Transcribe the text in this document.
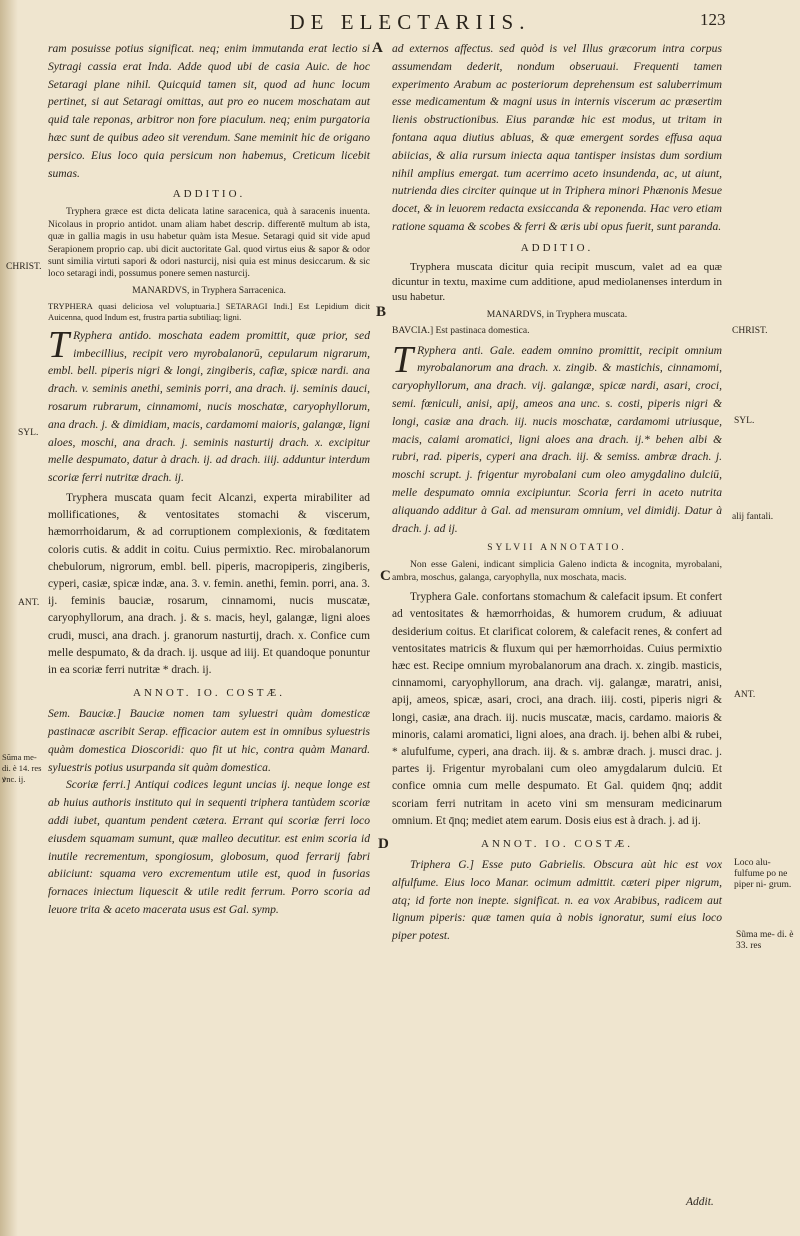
DE ELECTARIIS.	123

ram posuisse potius significat. neq; enim immutanda erat lectio si Sytragi cassia erat Inda. Adde quod ubi de casia Auic. de hoc Setaragi plane nihil. Quicquid tamen sit, quod ad hunc locum pertinet, si aut Setaragi omittas, aut pro eo nucem moschatam aut quid tale reponas, arbitror non fore piaculum. neq; enim purgatoria hæc sunt de quibus adeo sit verendum. Sane meminit hic de origano persico. Eius loco quia persicum non habemus, Creticum licebit sumas.

ADDITIO.

Tryphera græce est dicta delicata latine saracenica, quà à saracenis inuenta. Nicolaus in proprio antidot. unam aliam habet descrip. differentē multum ab ista, quæ in gallia magis in usu habetur quàm ista Mesue. Setaragi quid sit vide apud Serapionem proprio cap. ubi dicit auctoritate Gal. quod virtus eius & sapor & odor sunt similia virtuti sapori & odori nasturcij, nisi quia est minus desiccarum. & sic loco setaragi indi, possumus ponere semen nasturcij.

MANARDVS, in Tryphera Sarracenica.

TRYPHERA quasi deliciosa vel voluptuaria.] SETARAGI Indi.] Est Lepidium dicit Auicenna, quod Indum est, frustra partia subtiliaq; ligni.

T Ryphera antido. moschata eadem promittit, quæ prior, sed imbecillius, recipit vero myrobalanorū, cepularum nigrarum, embl. bell. piperis nigri & longi, zingiberis, cafiæ, spicæ nardi. ana drach. v. seminis anethi, seminis porri, ana drach. ij. seminis dauci, rosarum rubrarum, cinnamomi, nucis moschatæ, caryophyllorum, ana drach. j. & dimidiam, macis, cardamomi maioris, galangæ, ligni aloes, moschi, ana drach. j. seminis nasturtij drach. x. excipitur melle despumato, datur à drach. ij. ad drach. iiij. adduntur interdum scoriæ ferri nutritæ drach. ij.

Tryphera muscata quam fecit Alcanzi, experta mirabiliter ad mollificationes, & ventositates stomachi & viscerum, hæmorrhoidarum, & ad corruptionem complexionis, & fœditatem coloris cutis. & addit in coitu. Cuius permixtio. Rec. mirobalanorum chebulorum, nigrorum, embl. bell. piperis, macropiperis, zingiberis, cyperi, casiæ, spicæ indæ, ana. 3. v. femin. anethi, femin. porri, ana. 3. ij. feminis bauciæ, rosarum, cinnamomi, nucis muscatæ, caryophyllorum, ana drach. j. & s. macis, heyl, galangæ, ligni aloes crudi, musci, ana drach. j. granorum nasturtij, drach. x. Confice cum melle despumato, & da drach. ij. usque ad iiij. Et quandoque ponuntur in ea scoriæ ferri nutritæ * drach. ij.

ANNOT. IO. COSTÆ.

Sem. Bauciæ.] Bauciæ nomen tam syluestri quàm domesticæ pastinacæ ascribit Serap. efficacior autem est in omnibus syluestris quàm domestica Dioscoridi: quo fit ut hic, contra quàm Manard. syluestris potius usurpanda sit quàm domestica.

Scoriæ ferri.] Antiqui codices legunt uncias ij. neque longe est ab huius authoris instituto qui in sequenti triphera tantùdem scoriæ addi iubet, quantum pendent cætera. Errant qui scoriæ ferri loco eiusdem squamam sumunt, quæ malleo decutitur. est enim scoria id inutile recrementum, spongiosum, globosum, quod ferrarij fabri abiiciunt: squama vero excrementum utile est, quod in fusorias fornaces iniectum liquescit & utile redit ferrum. Porro scoria ad leuore trita & aceto macerata usus est Gal. symp.

ad externos affectus. sed quòd is vel Illus græcorum intra corpus assumendam dederit, nondum obseruaui. Frequenti tamen experimento Arabum ac posteriorum deprehensum est saluberrimum esse medicamentum & magni usus in internis viscerum ac præsertim lienis obstructionibus. Eius parandæ hic est modus, ut tritam in fontana aqua diutius abluas, & quæ emergent sordes effusa aqua abiicias, & alia rursum iniecta aqua tantisper insistas dum sordium nihil amplius emergat. tum acerrimo aceto insundenda, ac, ut aiunt, nutrienda dies circiter quinque ut in Triphera minori Phænonis Mesue docet, & in leuorem redacta exsiccanda & reponenda. Hac vero etiam ratione squama & scobes & ferri & æris ubi opus fuerit, sunt paranda.

ADDITIO.

Tryphera muscata dicitur quia recipit muscum, valet ad ea quæ dicuntur in textu, maxime cum additione, apud mediolanenses interdum in usu habetur.

MANARDVS, in Tryphera muscata.

BAVCIA.] Est pastinaca domestica.

T Ryphera anti. Gale. eadem omnino promittit, recipit omnium myrobalanorum ana drach. x. zingib. & mastichis, cinnamomi, caryophyllorum, ana drach. vij. galangæ, spicæ nardi, asari, croci, semi. fœniculi, anisi, apij, ameos ana unc. s. costi, piperis nigri & longi, casiæ ana drach. iij. nucis moschatæ, cardamomi utriusque, macis, calami aromatici, ligni aloes ana drach. ij.* behen albi & rubri, rad. piperis, cyperi ana drach. iij. & semiss. ambræ drach. j. moschi scrupt. j. frigentur myrobalani cum oleo amygdalino dulciū, melle despumato omnia excipiuntur. Scoria ferri in aceto nutrita aliquando additur à Gal. ad mensuram omnium, vel dimidij. Datur à drach. j. ad ij.

SYLVII ANNOTATIO.

Non esse Galeni, indicant simplicia Galeno indicta & incognita, myrobalani, ambra, moschus, galanga, caryophylla, nux moschata, macis.

Tryphera Gale. confortans stomachum & calefacit ipsum. Et confert ad ventositates & hæmorrhoidas, & humorem crudum, & adiuuat desiderium coitus. Et clarificat colorem, & calefacit renes, & confert ad ventositates matricis & fluxum qui per hæmorrhoidas. Cuius permixtio hæc est. Recipe omnium myrobalanorum ana drach. x. zingib. masticis, cinnamomi, caryophyllorum, ana drach. vij. galangæ, maratri, anisi, apij, ameos, spicæ, asari, croci, ana drach. iiij. costi, piperis nigri & longi, casiæ, ana drach. iij. nucis muscatæ, macis, cardamo. maioris & minoris, calami aromatici, ligni aloes, ana drach. ij. behen albi & rubei, * alufulfume, cyperi, ana drach. iij. & s. ambræ drach. j. musci drac. j. partes ij. Frigentur myrobalani cum oleo amygdalarum dulciū. Et confice omnia cum melle despumato. Et Gal. quidem q̄nq; addit scoriam ferri nutritam in aceto vini sm mensuram medicinarum omnium. Et q̄nq; mediet atem earum. Dosis eius est à drach. j. ad ij.

ANNOT. IO. COSTÆ.

Triphera G.] Esse puto Gabrielis. Obscura aùt hic est vox alfulfume. Eius loco Manar. ocimum admittit. cæteri piper nigrum, atq; id forte non inepte. significat. n. ea vox Arabibus, radicem aut lignum piperis: quæ tamen quia à nobis ignoratur, sumi eius loco piper potest.

Addit.
CHRIST.
SYL.
ANT.
Sũma me- di. è 14. res ꝟnc. ij.
CHRIST.
SYL.
alij fantali.
ANT.
Loco alu- fulfume po ne piper ni- grum.
Sũma me- di. è 33. res
A
B
C
D
